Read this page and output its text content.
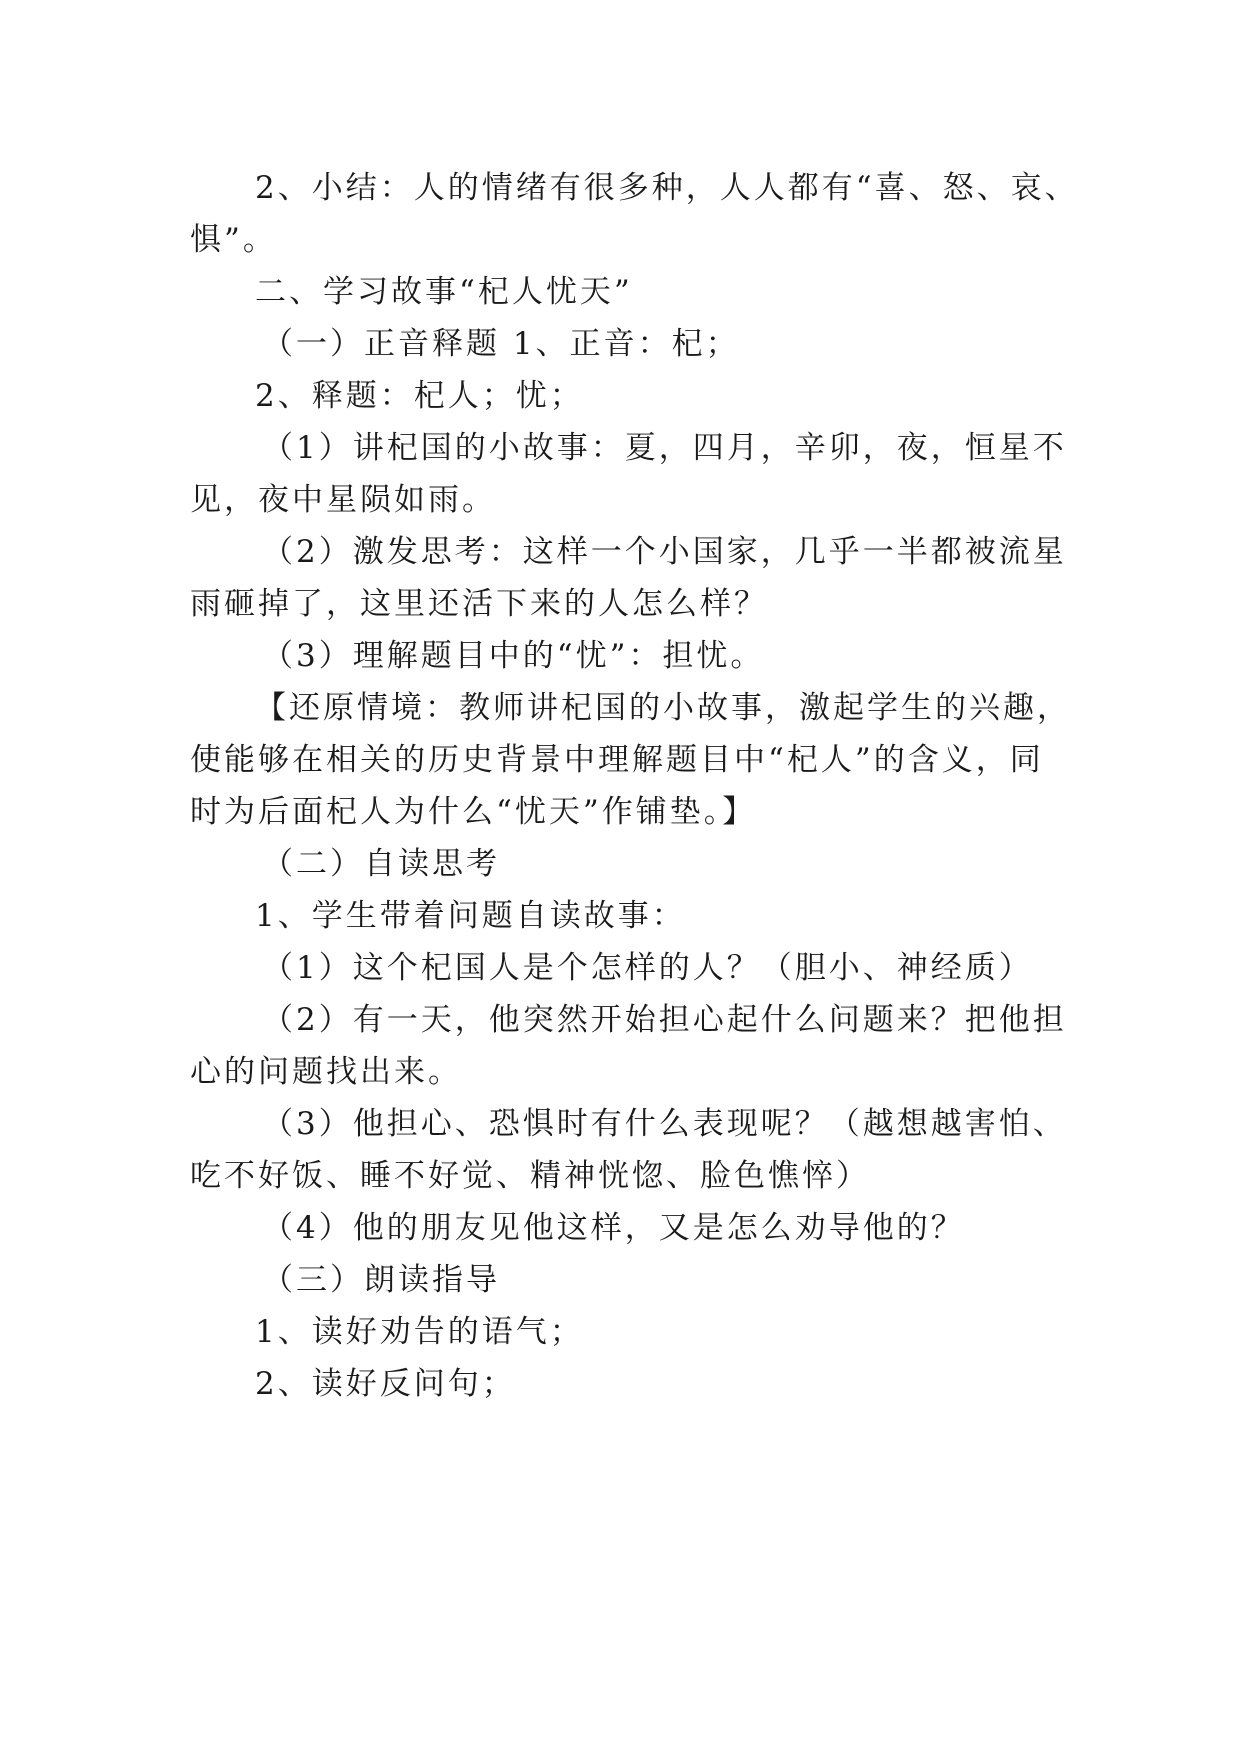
2、小结：人的情绪有很多种，人人都有“喜、怒、哀、
惧”。
二、学习故事“杞人忧天”
（一）正音释题 1、正音：杞；
2、释题：杞人；忧；
（1）讲杞国的小故事：夏，四月，辛卯，夜，恒星不
见，夜中星陨如雨。
（2）激发思考：这样一个小国家，几乎一半都被流星
雨砸掉了，这里还活下来的人怎么样？
（3）理解题目中的“忧”：担忧。
【还原情境：教师讲杞国的小故事，激起学生的兴趣，
使能够在相关的历史背景中理解题目中“杞人”的含义，同
时为后面杞人为什么“忧天”作铺垫。】
（二）自读思考
1、学生带着问题自读故事：
（1）这个杞国人是个怎样的人？（胆小、神经质）
（2）有一天，他突然开始担心起什么问题来？把他担
心的问题找出来。
（3）他担心、恐惧时有什么表现呢？（越想越害怕、
吃不好饭、睡不好觉、精神恍惚、脸色憔悴）
（4）他的朋友见他这样，又是怎么劝导他的？
（三）朗读指导
1、读好劝告的语气；
2、读好反问句；
